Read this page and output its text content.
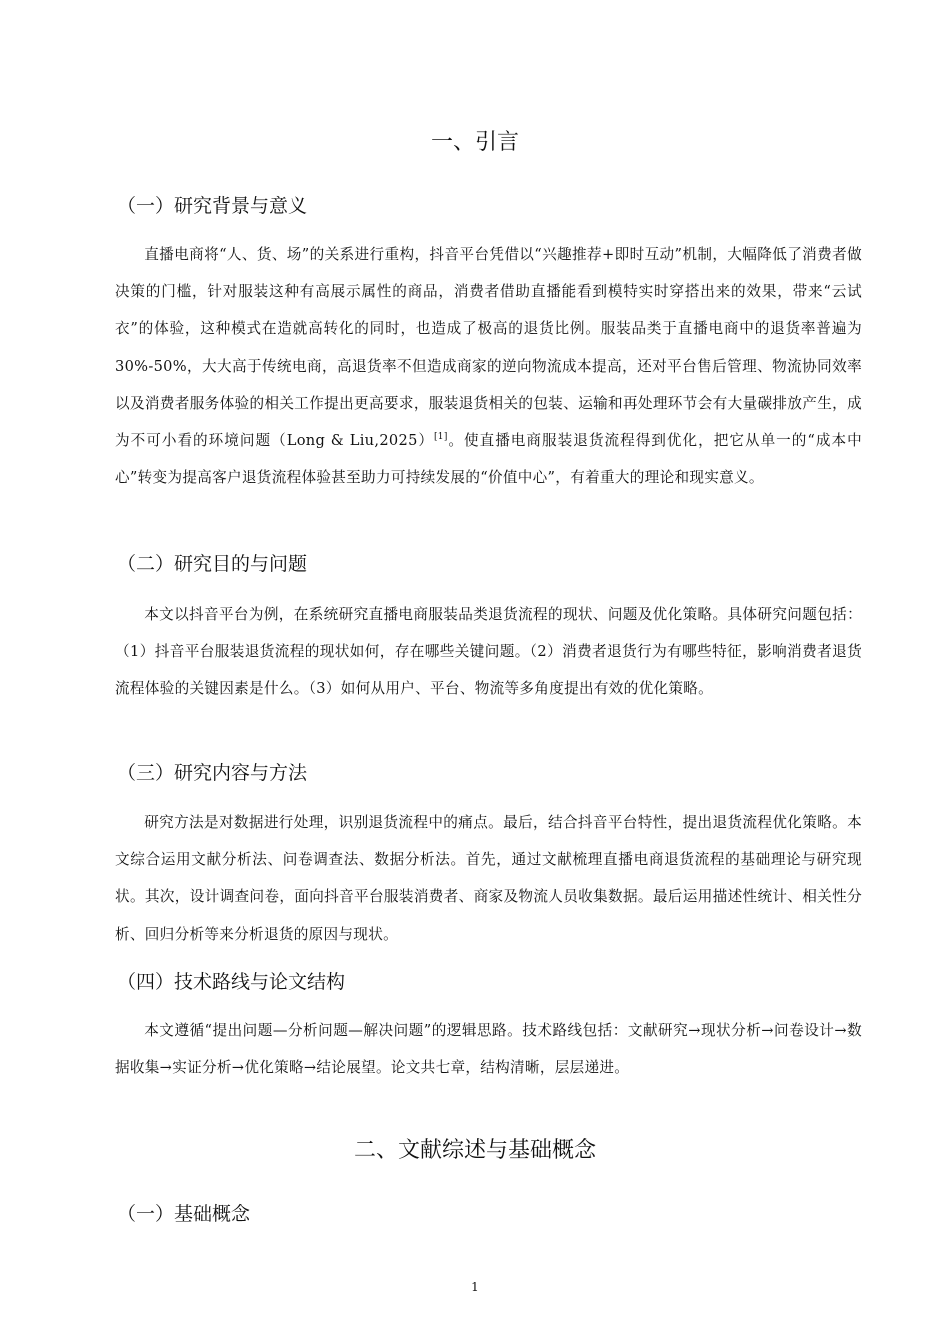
一、引言
（一）研究背景与意义

直播电商将“人、货、场”的关系进行重构，抖音平台凭借以“兴趣推荐+即时互动”机制，大幅降低了消费者做决策的门槛，针对服装这种有高展示属性的商品，消费者借助直播能看到模特实时穿搭出来的效果，带来“云试衣”的体验，这种模式在造就高转化的同时，也造成了极高的退货比例。服装品类于直播电商中的退货率普遍为30%-50%，大大高于传统电商，高退货率不但造成商家的逆向物流成本提高，还对平台售后管理、物流协同效率以及消费者服务体验的相关工作提出更高要求，服装退货相关的包装、运输和再处理环节会有大量碳排放产生，成为不可小看的环境问题（Long & Liu,2025）[1]。使直播电商服装退货流程得到优化，把它从单一的“成本中心”转变为提高客户退货流程体验甚至助力可持续发展的“价值中心”，有着重大的理论和现实意义。

（二）研究目的与问题

本文以抖音平台为例，在系统研究直播电商服装品类退货流程的现状、问题及优化策略。具体研究问题包括：（1）抖音平台服装退货流程的现状如何，存在哪些关键问题。（2）消费者退货行为有哪些特征，影响消费者退货流程体验的关键因素是什么。（3）如何从用户、平台、物流等多角度提出有效的优化策略。

（三）研究内容与方法

研究方法是对数据进行处理，识别退货流程中的痛点。最后，结合抖音平台特性，提出退货流程优化策略。本文综合运用文献分析法、问卷调查法、数据分析法。首先，通过文献梳理直播电商退货流程的基础理论与研究现状。其次，设计调查问卷，面向抖音平台服装消费者、商家及物流人员收集数据。最后运用描述性统计、相关性分析、回归分析等来分析退货的原因与现状。

（四）技术路线与论文结构

本文遵循“提出问题—分析问题—解决问题”的逻辑思路。技术路线包括：文献研究→现状分析→问卷设计→数据收集→实证分析→优化策略→结论展望。论文共七章，结构清晰，层层递进。

二、文献综述与基础概念
（一）基础概念

1
